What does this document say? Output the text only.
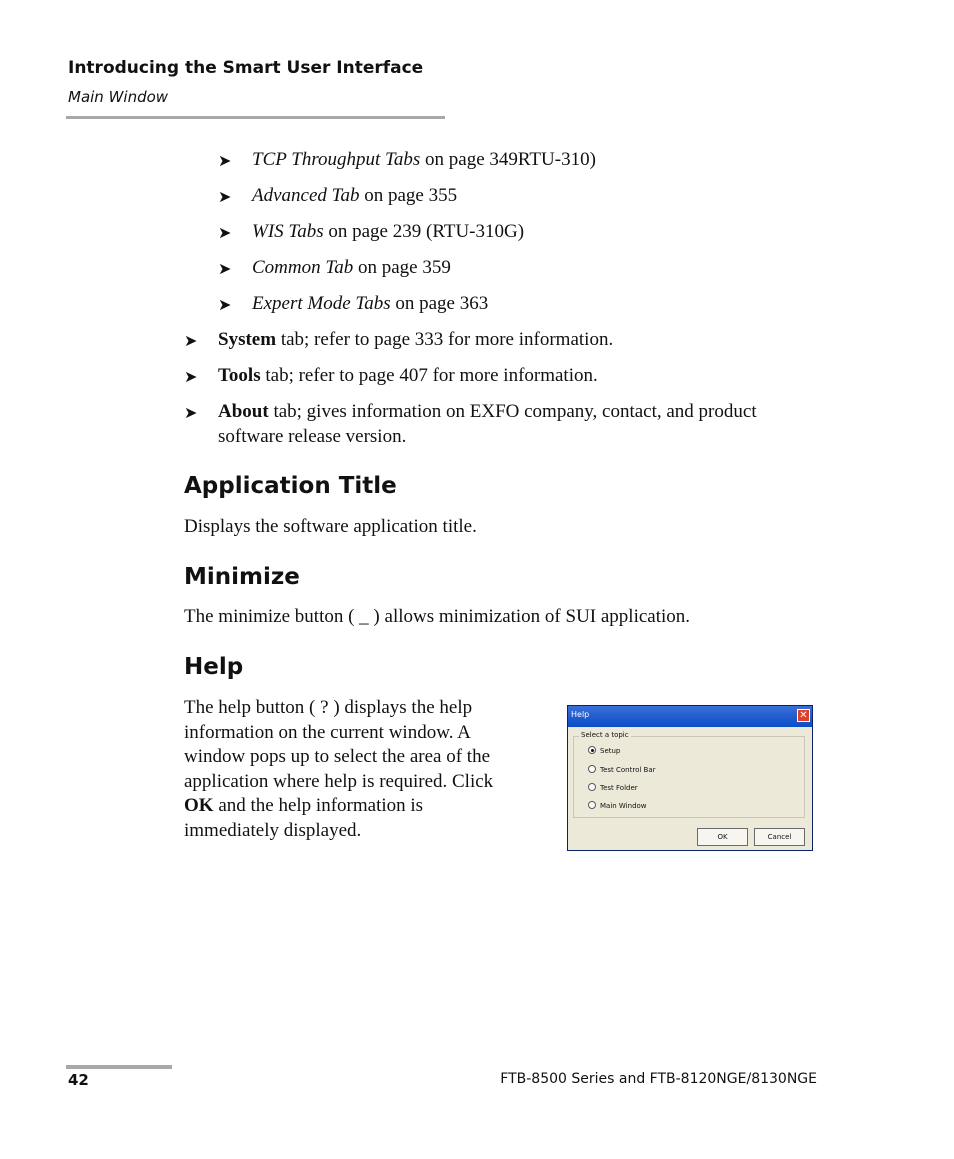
Introducing the Smart User Interface
Main Window
➤ TCP Throughput Tabs on page 349RTU-310)
➤ Advanced Tab on page 355
➤ WIS Tabs on page 239 (RTU-310G)
➤ Common Tab on page 359
➤ Expert Mode Tabs on page 363
➤ System tab; refer to page 333 for more information.
➤ Tools tab; refer to page 407 for more information.
➤ About tab; gives information on EXFO company, contact, and product
software release version.
Application Title
Displays the software application title.
Minimize
The minimize button ( _ ) allows minimization of SUI application.
Help
The help button ( ? ) displays the help
information on the current window. A
window pops up to select the area of the
application where help is required. Click
OK and the help information is
immediately displayed.
Help	✕
Select a topic
Setup
Test Control Bar
Test Folder
Main Window
OK	Cancel
42	FTB-8500 Series and FTB-8120NGE/8130NGE
